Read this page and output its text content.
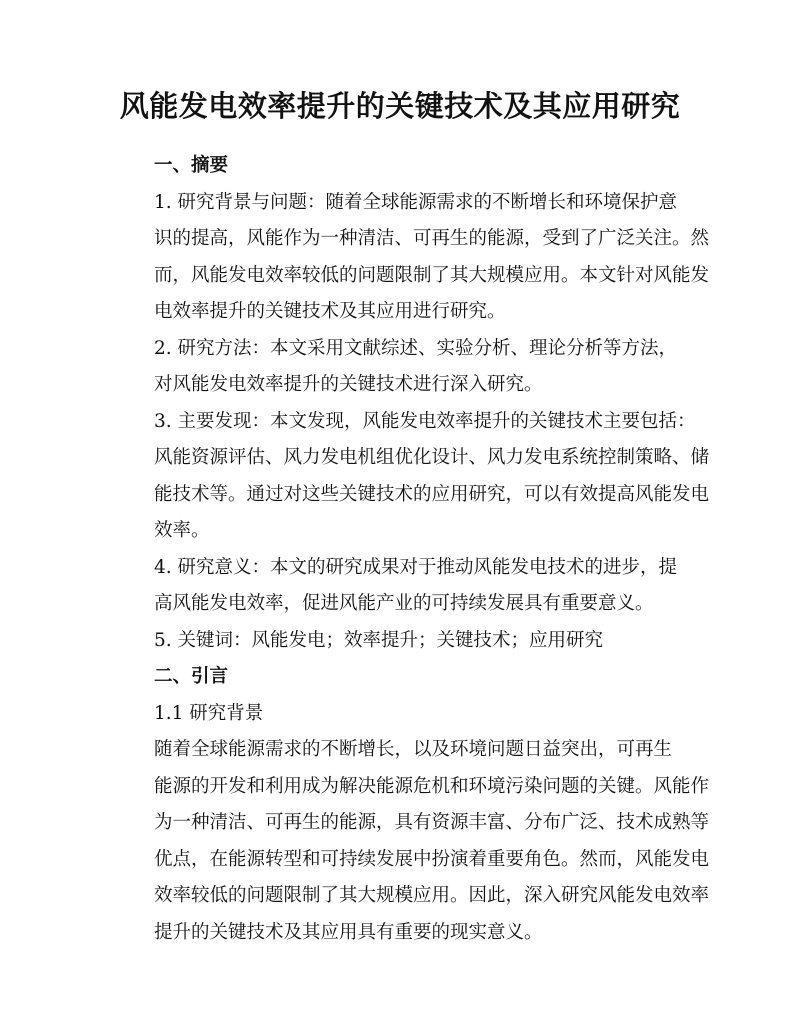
风能发电效率提升的关键技术及其应用研究
一、摘要
1. 研究背景与问题：随着全球能源需求的不断增长和环境保护意
识的提高，风能作为一种清洁、可再生的能源，受到了广泛关注。然
而，风能发电效率较低的问题限制了其大规模应用。本文针对风能发
电效率提升的关键技术及其应用进行研究。
2. 研究方法：本文采用文献综述、实验分析、理论分析等方法，
对风能发电效率提升的关键技术进行深入研究。
3. 主要发现：本文发现，风能发电效率提升的关键技术主要包括：
风能资源评估、风力发电机组优化设计、风力发电系统控制策略、储
能技术等。通过对这些关键技术的应用研究，可以有效提高风能发电
效率。
4. 研究意义：本文的研究成果对于推动风能发电技术的进步，提
高风能发电效率，促进风能产业的可持续发展具有重要意义。
5. 关键词：风能发电；效率提升；关键技术；应用研究
二、引言
1.1 研究背景
随着全球能源需求的不断增长，以及环境问题日益突出，可再生
能源的开发和利用成为解决能源危机和环境污染问题的关键。风能作
为一种清洁、可再生的能源，具有资源丰富、分布广泛、技术成熟等
优点，在能源转型和可持续发展中扮演着重要角色。然而，风能发电
效率较低的问题限制了其大规模应用。因此，深入研究风能发电效率
提升的关键技术及其应用具有重要的现实意义。
